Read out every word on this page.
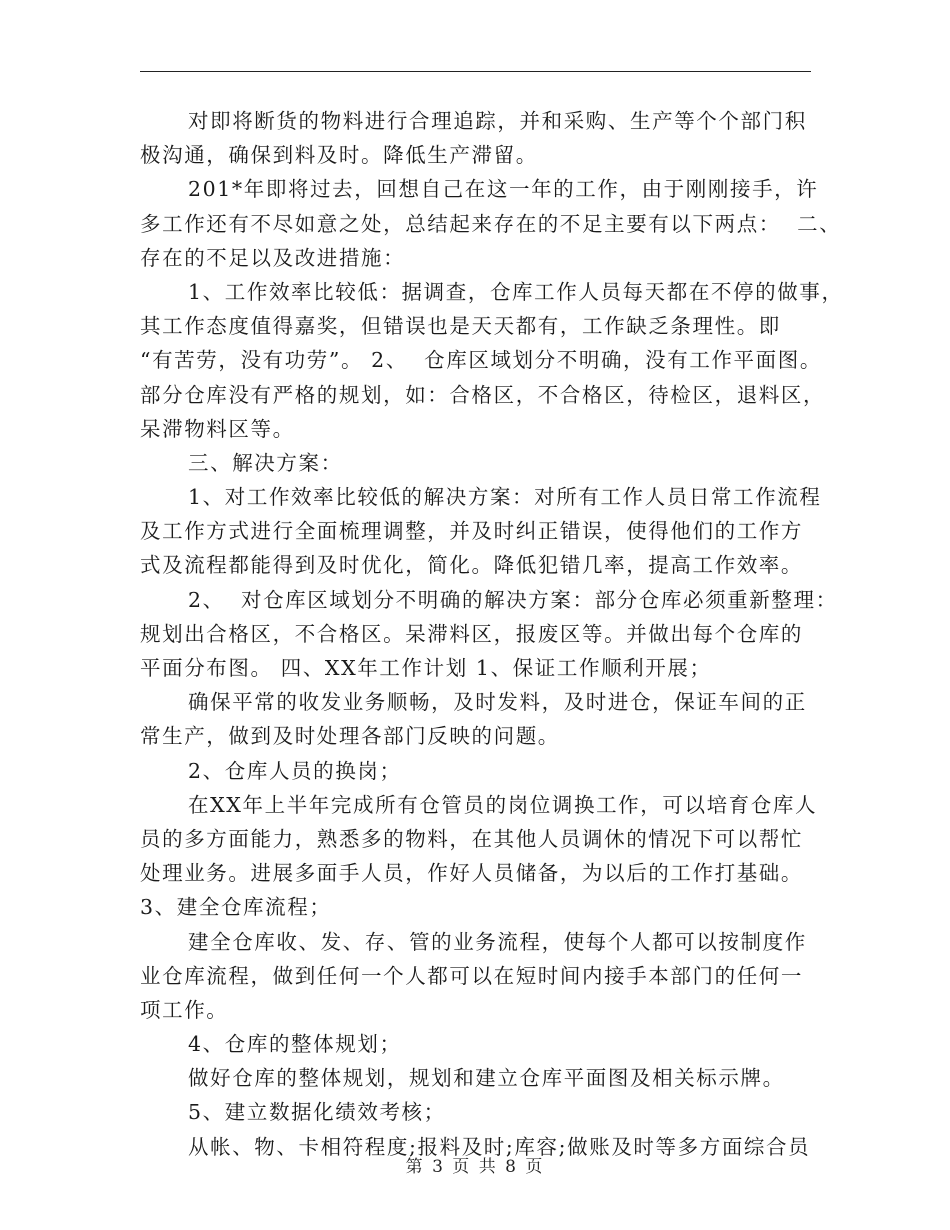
对即将断货的物料进行合理追踪，并和采购、生产等个个部门积
极沟通，确保到料及时。降低生产滞留。
201*年即将过去，回想自己在这一年的工作，由于刚刚接手，许
多工作还有不尽如意之处，总结起来存在的不足主要有以下两点：  二、
存在的不足以及改进措施：
1、工作效率比较低：据调查，仓库工作人员每天都在不停的做事，
其工作态度值得嘉奖，但错误也是天天都有，工作缺乏条理性。即
“有苦劳，没有功劳”。 2、  仓库区域划分不明确，没有工作平面图。
部分仓库没有严格的规划，如：合格区，不合格区，待检区，退料区，
呆滞物料区等。
三、解决方案：
1、对工作效率比较低的解决方案：对所有工作人员日常工作流程
及工作方式进行全面梳理调整，并及时纠正错误，使得他们的工作方
式及流程都能得到及时优化，简化。降低犯错几率，提高工作效率。
2、  对仓库区域划分不明确的解决方案：部分仓库必须重新整理：
规划出合格区，不合格区。呆滞料区，报废区等。并做出每个仓库的
平面分布图。 四、XX年工作计划 1、保证工作顺利开展；
确保平常的收发业务顺畅，及时发料，及时进仓，保证车间的正
常生产，做到及时处理各部门反映的问题。
2、仓库人员的换岗；
在XX年上半年完成所有仓管员的岗位调换工作，可以培育仓库人
员的多方面能力，熟悉多的物料，在其他人员调休的情况下可以帮忙
处理业务。进展多面手人员，作好人员储备，为以后的工作打基础。
3、建全仓库流程；
建全仓库收、发、存、管的业务流程，使每个人都可以按制度作
业仓库流程，做到任何一个人都可以在短时间内接手本部门的任何一
项工作。
4、仓库的整体规划；
做好仓库的整体规划，规划和建立仓库平面图及相关标示牌。
5、建立数据化绩效考核；
从帐、物、卡相符程度;报料及时;库容;做账及时等多方面综合员
第 3 页 共 8 页
